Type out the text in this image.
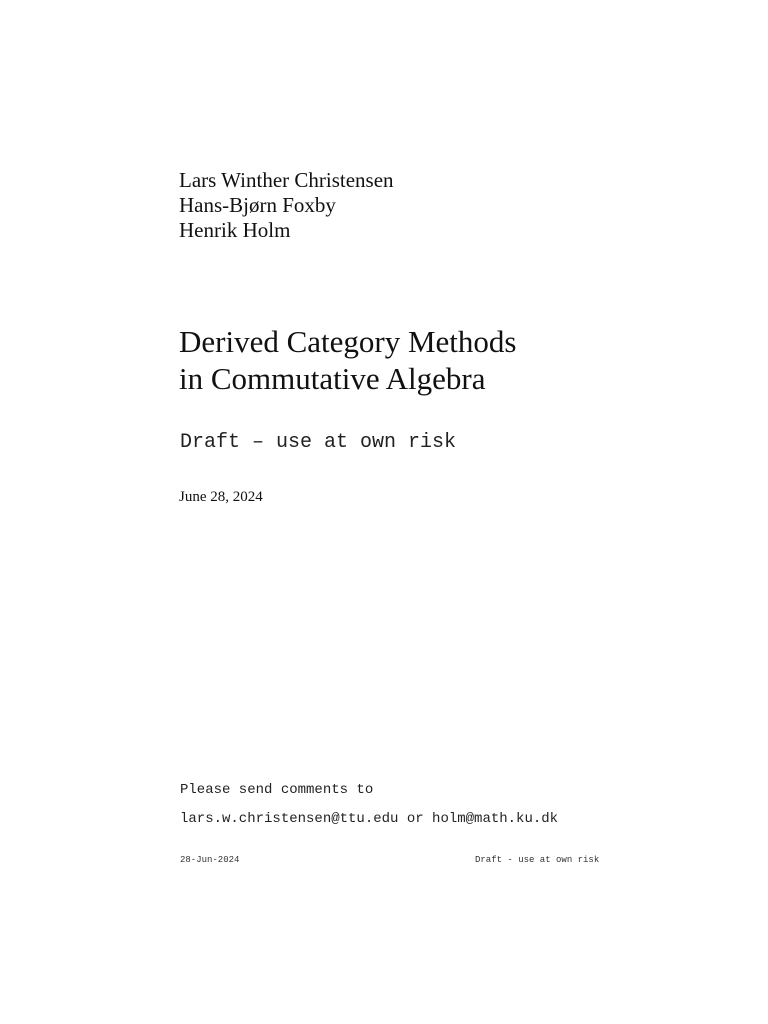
Lars Winther Christensen
Hans-Bjørn Foxby
Henrik Holm
Derived Category Methods
in Commutative Algebra
Draft – use at own risk
June 28, 2024
Please send comments to
lars.w.christensen@ttu.edu or holm@math.ku.dk
28-Jun-2024	Draft - use at own risk
